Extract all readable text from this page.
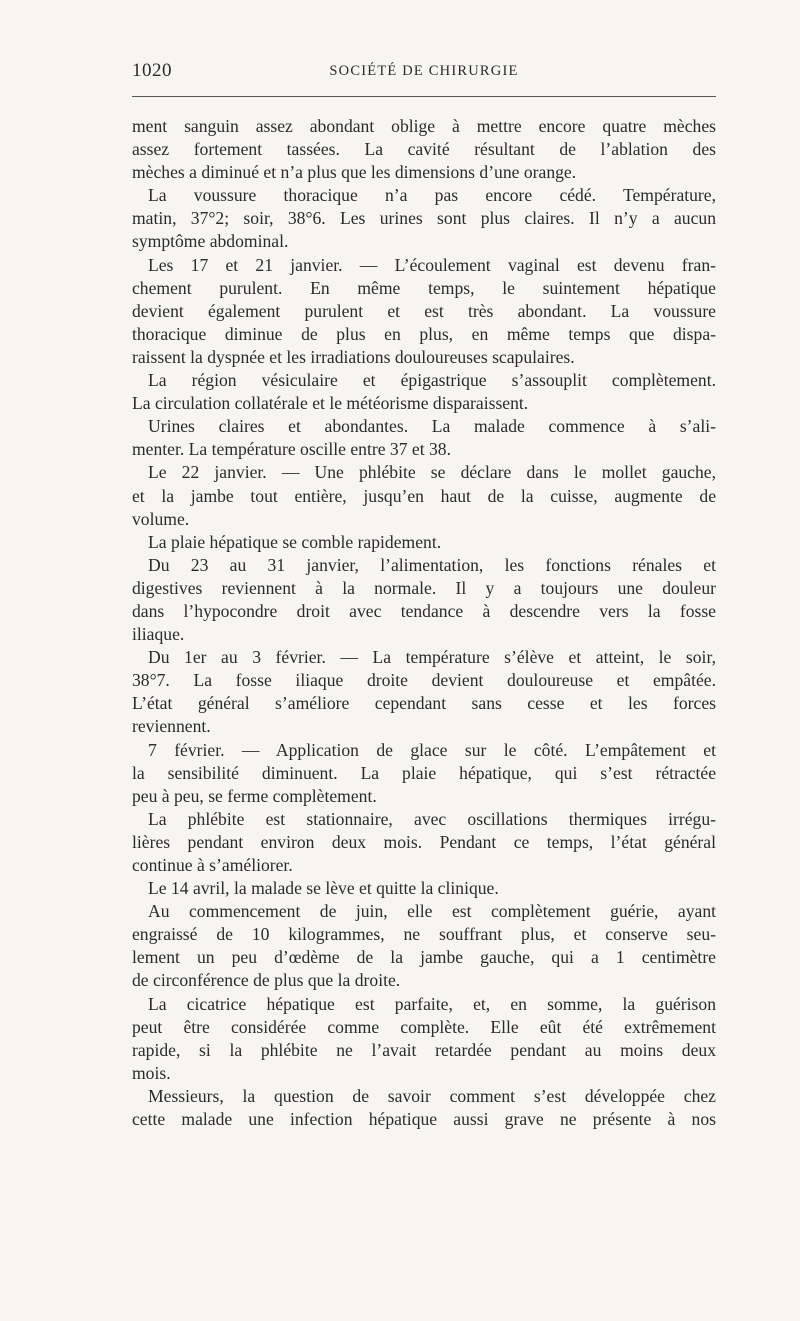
1020	SOCIÉTÉ DE CHIRURGIE
ment sanguin assez abondant oblige à mettre encore quatre mèches
assez fortement tassées. La cavité résultant de l’ablation des
mèches a diminué et n’a plus que les dimensions d’une orange.
La voussure thoracique n’a pas encore cédé. Température,
matin, 37°2; soir, 38°6. Les urines sont plus claires. Il n’y a aucun
symptôme abdominal.
Les 17 et 21 janvier. — L’écoulement vaginal est devenu fran-
chement purulent. En même temps, le suintement hépatique
devient également purulent et est très abondant. La voussure
thoracique diminue de plus en plus, en même temps que dispa-
raissent la dyspnée et les irradiations douloureuses scapulaires.
La région vésiculaire et épigastrique s’assouplit complètement.
La circulation collatérale et le météorisme disparaissent.
Urines claires et abondantes. La malade commence à s’ali-
menter. La température oscille entre 37 et 38.
Le 22 janvier. — Une phlébite se déclare dans le mollet gauche,
et la jambe tout entière, jusqu’en haut de la cuisse, augmente de
volume.
La plaie hépatique se comble rapidement.
Du 23 au 31 janvier, l’alimentation, les fonctions rénales et
digestives reviennent à la normale. Il y a toujours une douleur
dans l’hypocondre droit avec tendance à descendre vers la fosse
iliaque.
Du 1er au 3 février. — La température s’élève et atteint, le soir,
38°7. La fosse iliaque droite devient douloureuse et empâtée.
L’état général s’améliore cependant sans cesse et les forces
reviennent.
7 février. — Application de glace sur le côté. L’empâtement et
la sensibilité diminuent. La plaie hépatique, qui s’est rétractée
peu à peu, se ferme complètement.
La phlébite est stationnaire, avec oscillations thermiques irrégu-
lières pendant environ deux mois. Pendant ce temps, l’état général
continue à s’améliorer.
Le 14 avril, la malade se lève et quitte la clinique.
Au commencement de juin, elle est complètement guérie, ayant
engraissé de 10 kilogrammes, ne souffrant plus, et conserve seu-
lement un peu d’œdème de la jambe gauche, qui a 1 centimètre
de circonférence de plus que la droite.
La cicatrice hépatique est parfaite, et, en somme, la guérison
peut être considérée comme complète. Elle eût été extrêmement
rapide, si la phlébite ne l’avait retardée pendant au moins deux
mois.
Messieurs, la question de savoir comment s’est développée chez
cette malade une infection hépatique aussi grave ne présente à nos
